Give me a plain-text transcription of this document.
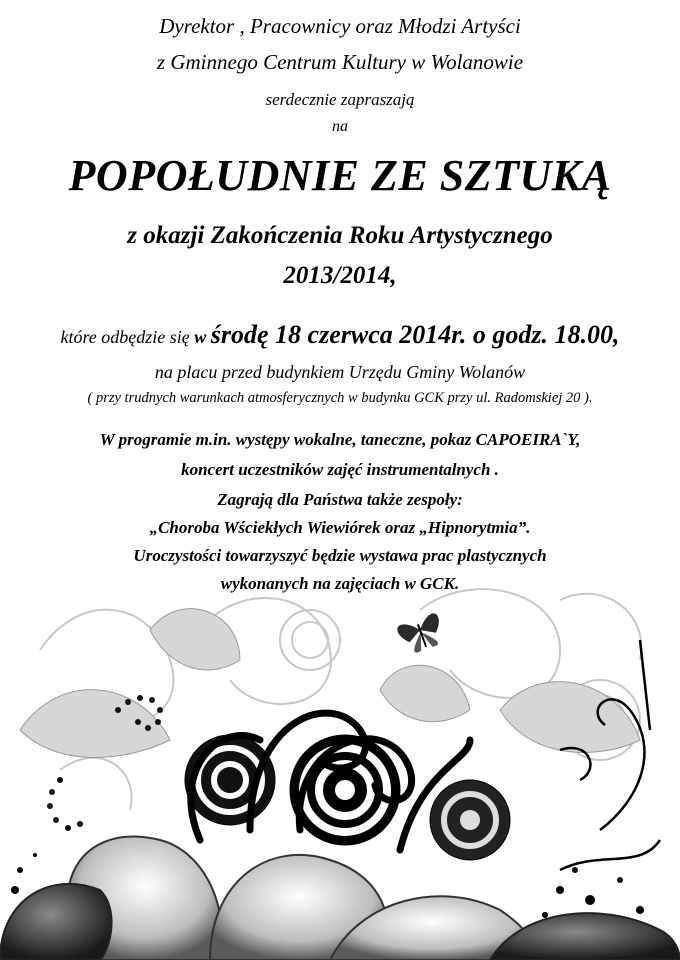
Dyrektor , Pracownicy oraz Młodzi Artyści
z Gminnego Centrum Kultury w Wolanowie
serdecznie zapraszają
na
POPOŁUDNIE ZE SZTUKĄ
z okazji Zakończenia Roku Artystycznego
2013/2014,
które odbędzie się w środę 18 czerwca 2014r. o godz. 18.00,
na placu przed budynkiem Urzędu Gminy Wolanów
( przy trudnych warunkach atmosferycznych w budynku GCK przy ul. Radomskiej 20 ).
W programie m.in. występy wokalne, taneczne, pokaz CAPOEIRA`Y,
koncert uczestników zajęć instrumentalnych .
Zagrają dla Państwa także zespoły:
„Choroba Wściekłych Wiewiórek oraz „Hipnorytmia”.
Uroczystości towarzyszyć będzie wystawa prac plastycznych
wykonanych na zajęciach w GCK.
